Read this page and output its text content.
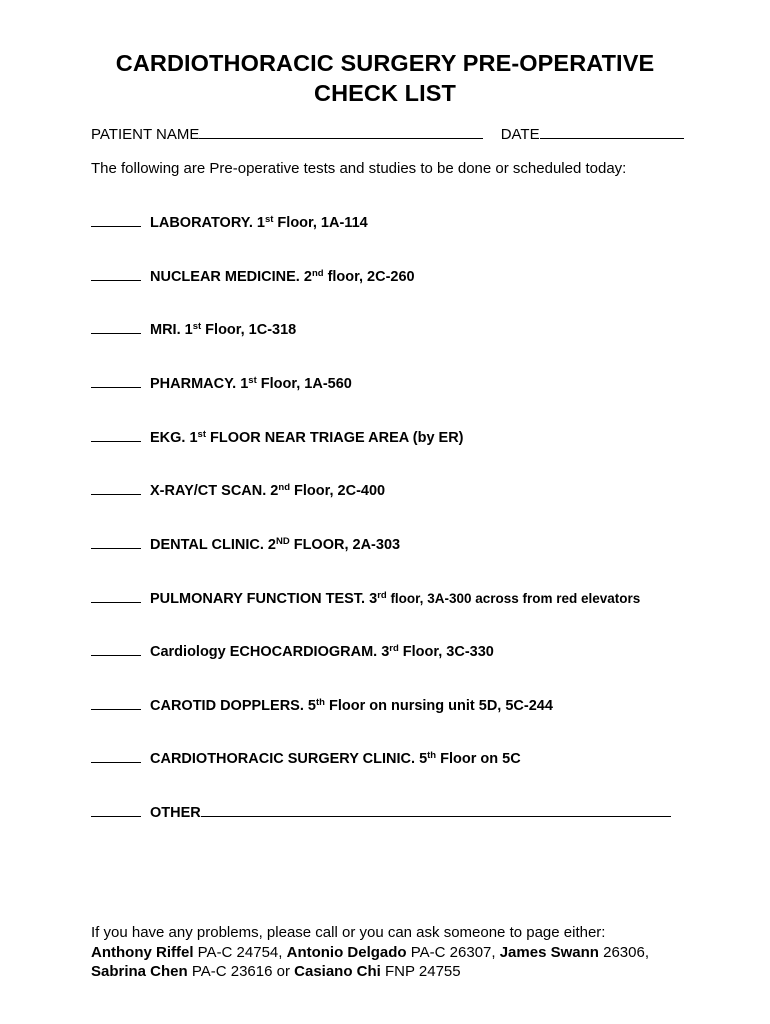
CARDIOTHORACIC SURGERY PRE-OPERATIVE
CHECK LIST
PATIENT NAME	DATE
The following are Pre-operative tests and studies to be done or scheduled today:
LABORATORY. 1st Floor, 1A-114
NUCLEAR MEDICINE. 2nd floor, 2C-260
MRI. 1st Floor, 1C-318
PHARMACY. 1st Floor, 1A-560
EKG. 1st FLOOR NEAR TRIAGE AREA (by ER)
X-RAY/CT SCAN. 2nd Floor, 2C-400
DENTAL CLINIC. 2ND FLOOR, 2A-303
PULMONARY FUNCTION TEST. 3rd floor, 3A-300 across from red elevators
Cardiology ECHOCARDIOGRAM. 3rd Floor, 3C-330
CAROTID DOPPLERS. 5th Floor on nursing unit 5D, 5C-244
CARDIOTHORACIC SURGERY CLINIC. 5th Floor on 5C
OTHER
If you have any problems, please call or you can ask someone to page either:
Anthony Riffel PA-C 24754, Antonio Delgado PA-C 26307, James Swann 26306,
Sabrina Chen PA-C 23616 or Casiano Chi FNP 24755
